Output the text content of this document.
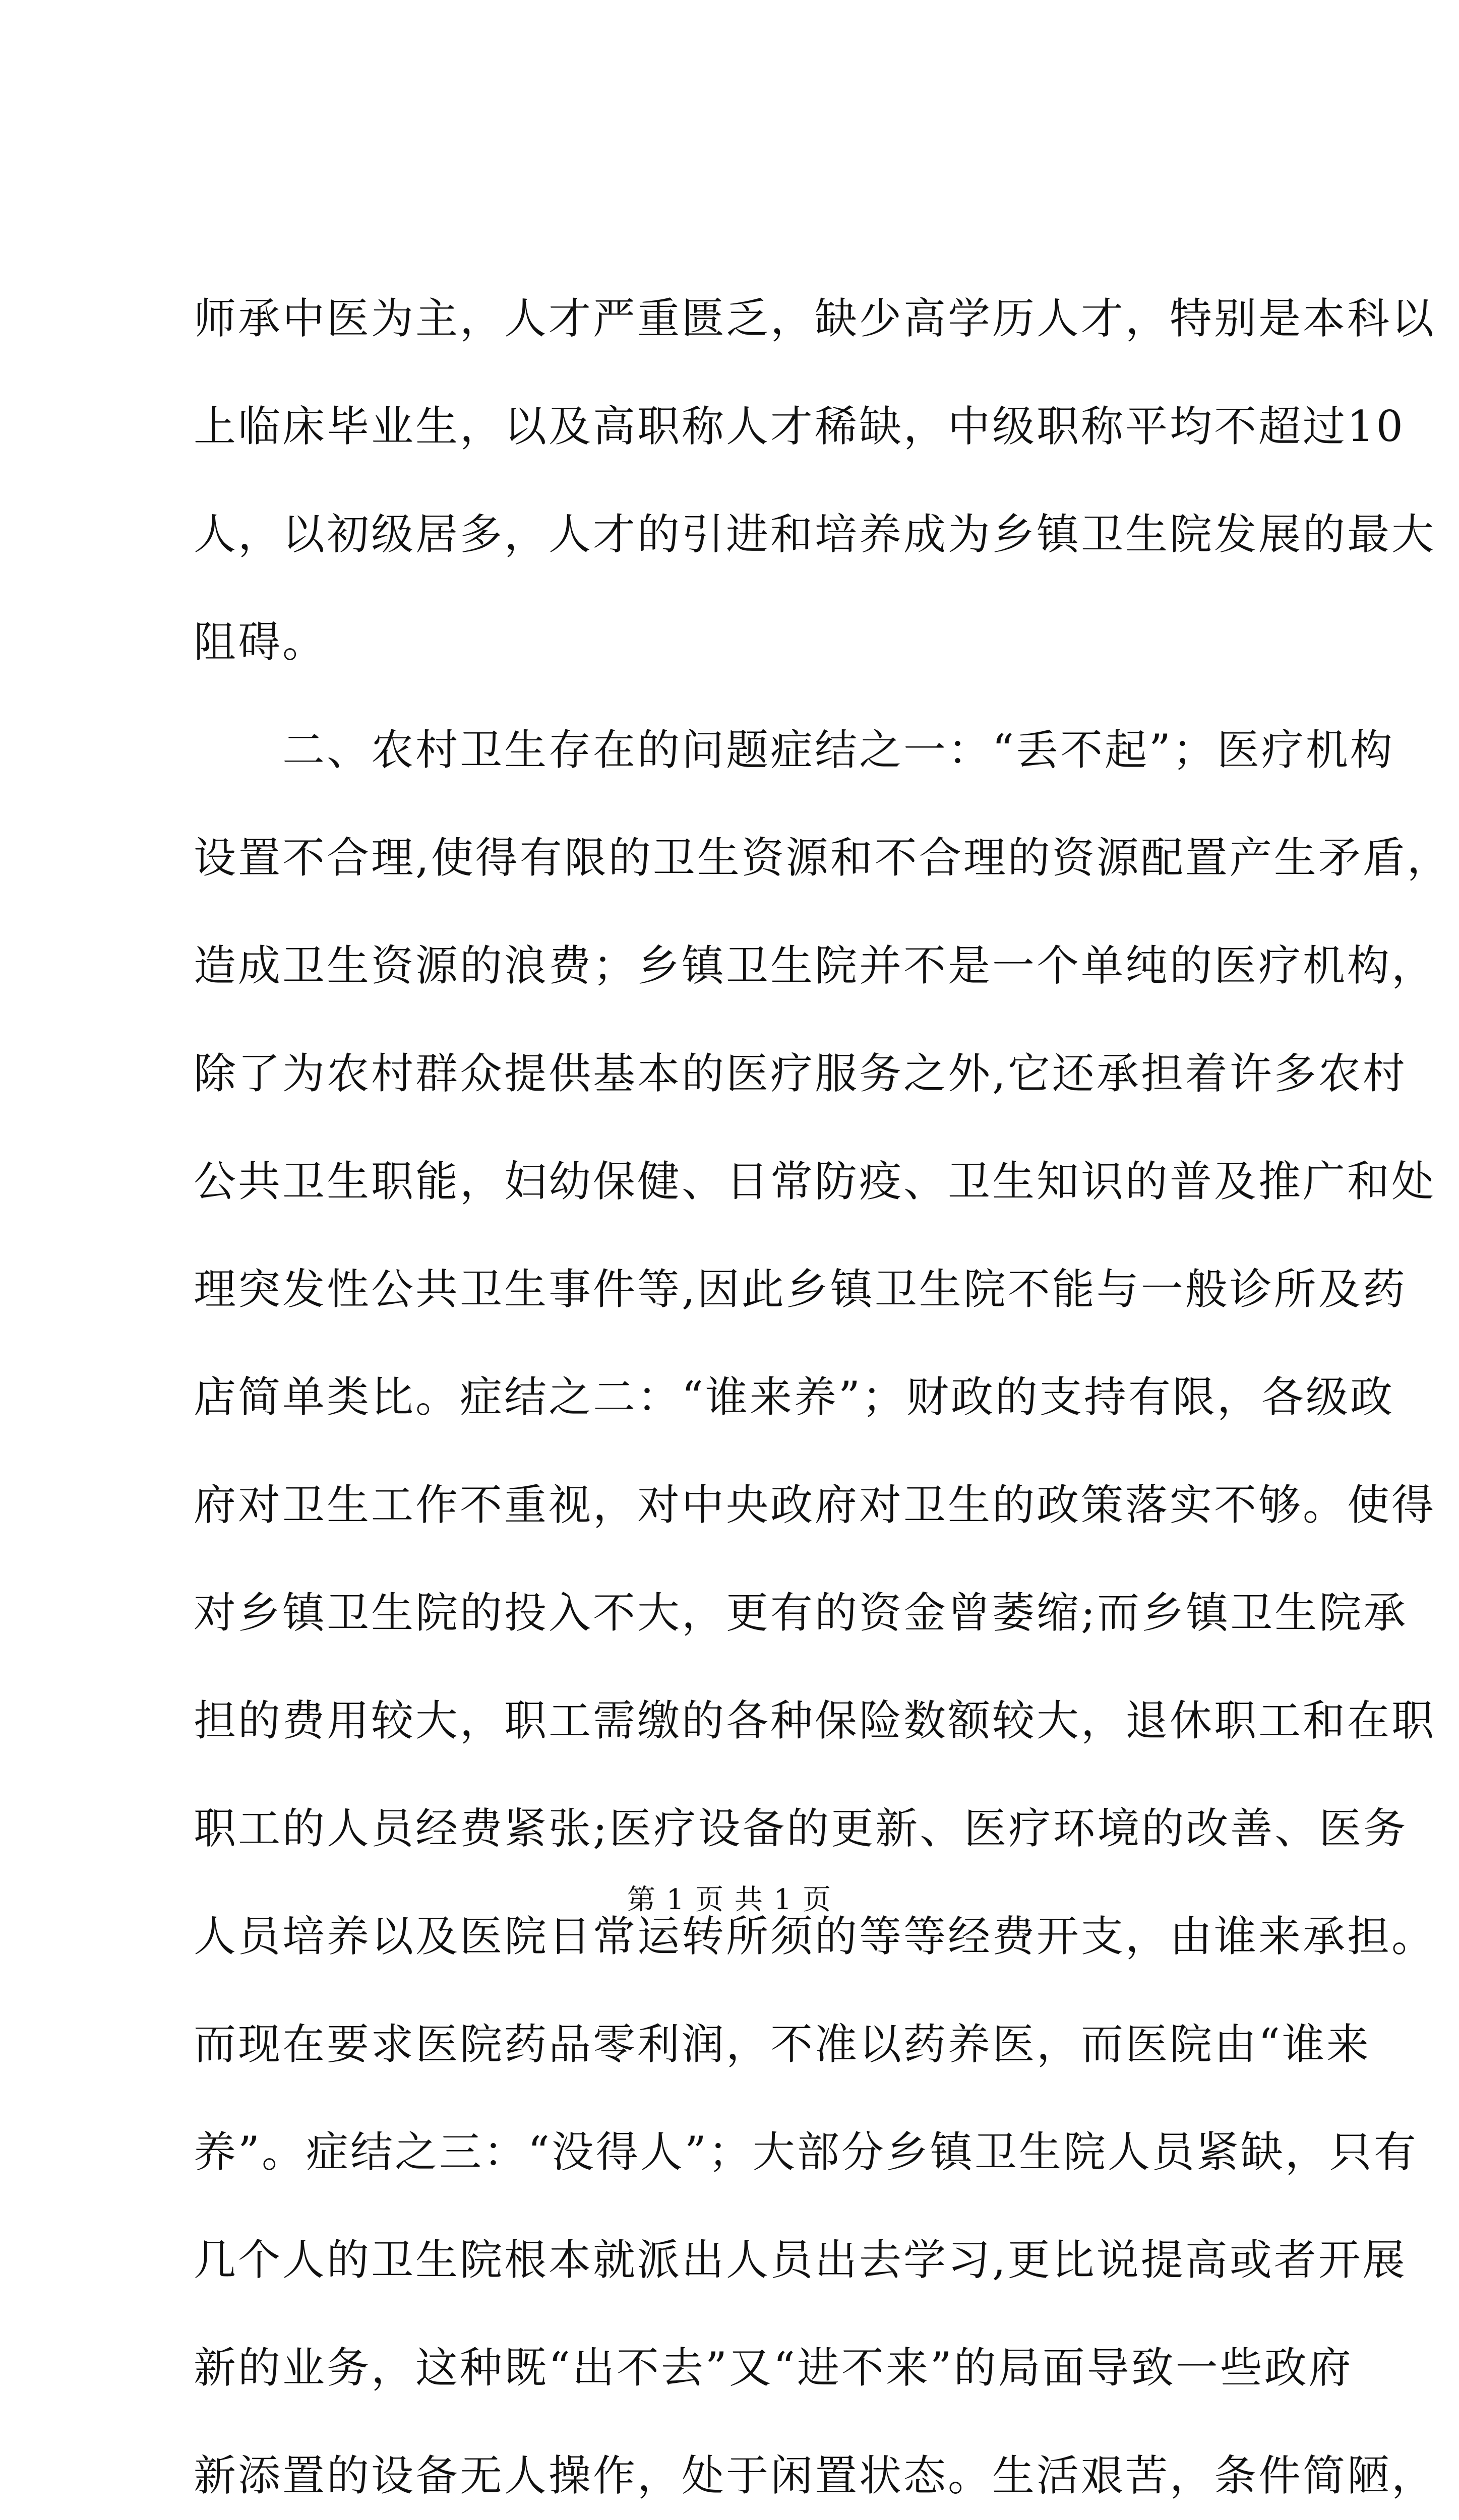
师承中医为主，人才严重匮乏，缺少高学历人才，特别是本科以
上临床毕业生，以及高职称人才稀缺，中级职称平均不超过10
人，以初级居多，人才的引进和培养成为乡镇卫生院发展的最大
阻碍。
二、农村卫生存在的问题症结之一：“丢不起”；医疗机构
设置不合理,使得有限的卫生资源和不合理的资源配置产生矛盾，
造成卫生资源的浪费；乡镇卫生院并不是一个单纯的医疗机构，
除了为农村群众提供基本的医疗服务之外,它还承担着许多农村
公共卫生职能，妇幼保健、日常防疫、卫生知识的普及推广和处
理突发性公共卫生事件等,因此乡镇卫生院不能与一般诊所及药
店简单类比。症结之二：“谁来养”；财政的支持有限，各级政
府对卫生工作不重视，对中央政府对卫生的政策落实不够。使得
对乡镇卫生院的投入不大，更有的资金曾萎缩;而乡镇卫生院承
担的费用较大，职工需缴的各种保险数额较大，退休职工和在职
职工的人员经费紧张;医疗设备的更新、医疗环境的改善、医务
人员培养以及医院日常运转所须的等等经费开支，由谁来承担。
而现在要求医院药品零利润，不准以药养医，而医院由“谁来
养”。症结之三：“没得人”；大部分乡镇卫生院人员紧缺，只有
几个人的卫生院根本就派出人员出去学习,更比说提高或者开展
新的业务，这种既“出不去”又“进不来”的局面导致一些政府
新添置的设备无人操作，处于闲置状态。生活艰苦，条件简陋，
第 1 页 共 1 页
